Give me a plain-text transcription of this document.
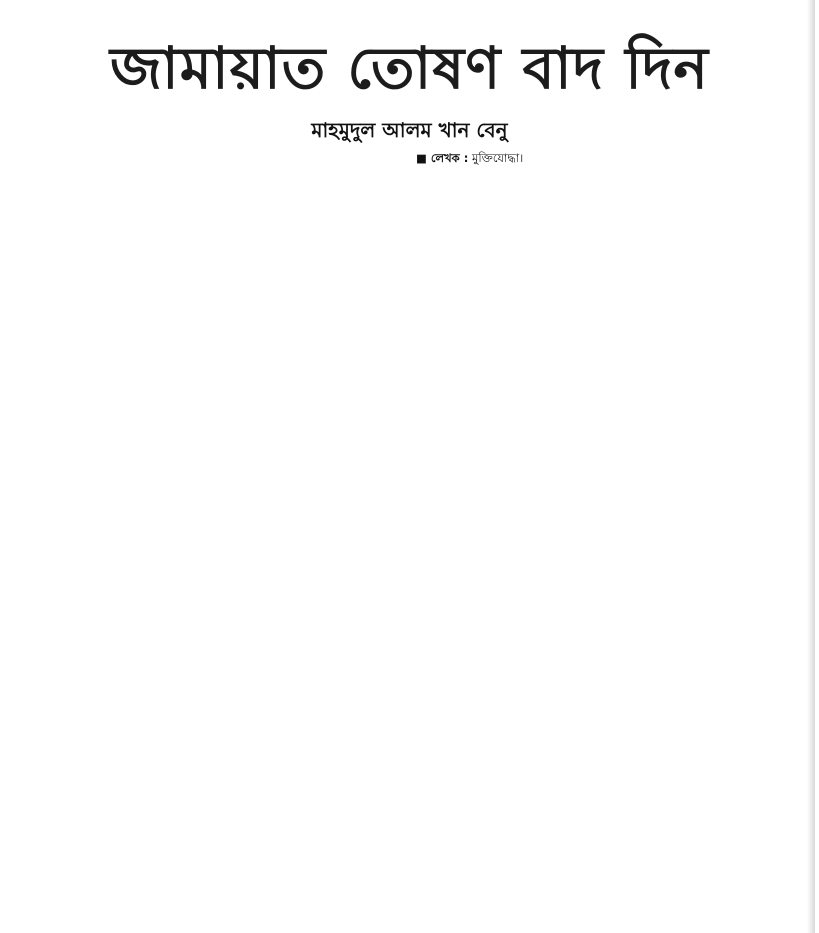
জামায়াত তোষণ বাদ দিন
মাহমুদুল আলম খান বেনু

■ লেখক : মুক্তিযোদ্ধা।
